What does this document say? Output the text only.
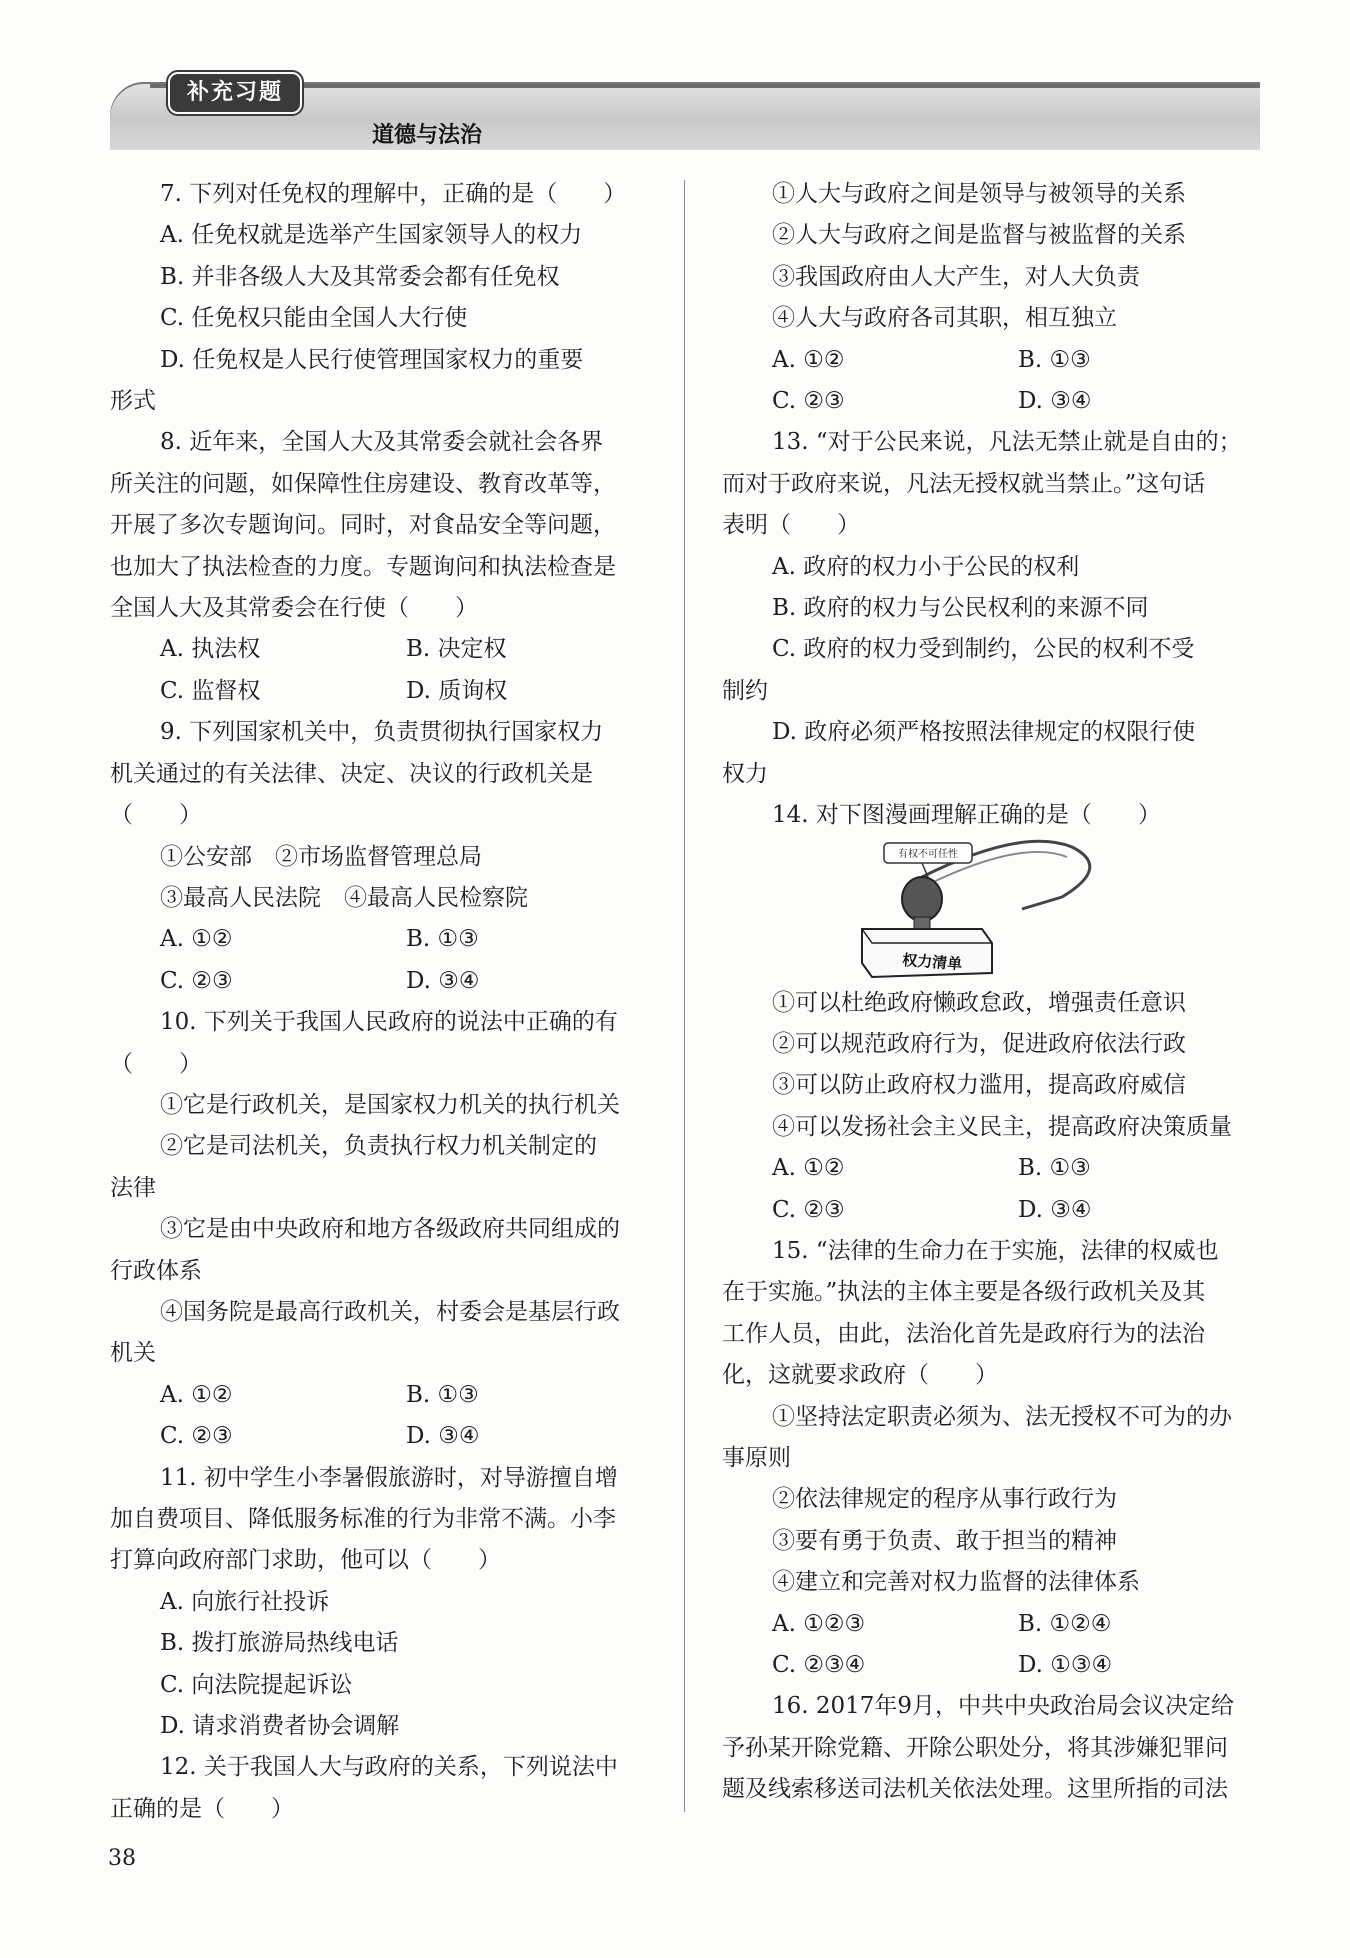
补充习题
道德与法治

7. 下列对任免权的理解中，正确的是（　　）

A. 任免权就是选举产生国家领导人的权力

B. 并非各级人大及其常委会都有任免权

C. 任免权只能由全国人大行使

D. 任免权是人民行使管理国家权力的重要

形式

8. 近年来，全国人大及其常委会就社会各界

所关注的问题，如保障性住房建设、教育改革等，

开展了多次专题询问。同时，对食品安全等问题，

也加大了执法检查的力度。专题询问和执法检查是

全国人大及其常委会在行使（　　）

A. 执法权	B. 决定权
C. 监督权	D. 质询权

9. 下列国家机关中，负责贯彻执行国家权力

机关通过的有关法律、决定、决议的行政机关是

（　　）

①公安部　②市场监督管理总局

③最高人民法院　④最高人民检察院

A. ①②	B. ①③
C. ②③	D. ③④

10. 下列关于我国人民政府的说法中正确的有

（　　）

①它是行政机关，是国家权力机关的执行机关

②它是司法机关，负责执行权力机关制定的

法律

③它是由中央政府和地方各级政府共同组成的

行政体系

④国务院是最高行政机关，村委会是基层行政

机关

A. ①②	B. ①③
C. ②③	D. ③④

11. 初中学生小李暑假旅游时，对导游擅自增

加自费项目、降低服务标准的行为非常不满。小李

打算向政府部门求助，他可以（　　）

A. 向旅行社投诉

B. 拨打旅游局热线电话

C. 向法院提起诉讼

D. 请求消费者协会调解

12. 关于我国人大与政府的关系，下列说法中

正确的是（　　）

①人大与政府之间是领导与被领导的关系

②人大与政府之间是监督与被监督的关系

③我国政府由人大产生，对人大负责

④人大与政府各司其职，相互独立

A. ①②	B. ①③
C. ②③	D. ③④

13. “对于公民来说，凡法无禁止就是自由的；

而对于政府来说，凡法无授权就当禁止。”这句话

表明（　　）

A. 政府的权力小于公民的权利

B. 政府的权力与公民权利的来源不同

C. 政府的权力受到制约，公民的权利不受

制约

D. 政府必须严格按照法律规定的权限行使

权力

14. 对下图漫画理解正确的是（　　）

有权不可任性
权力清单

①可以杜绝政府懒政怠政，增强责任意识

②可以规范政府行为，促进政府依法行政

③可以防止政府权力滥用，提高政府威信

④可以发扬社会主义民主，提高政府决策质量

A. ①②	B. ①③
C. ②③	D. ③④

15. “法律的生命力在于实施，法律的权威也

在于实施。”执法的主体主要是各级行政机关及其

工作人员，由此，法治化首先是政府行为的法治

化，这就要求政府（　　）

①坚持法定职责必须为、法无授权不可为的办

事原则

②依法律规定的程序从事行政行为

③要有勇于负责、敢于担当的精神

④建立和完善对权力监督的法律体系

A. ①②③	B. ①②④
C. ②③④	D. ①③④

16. 2017年9月，中共中央政治局会议决定给

予孙某开除党籍、开除公职处分，将其涉嫌犯罪问

题及线索移送司法机关依法处理。这里所指的司法

38
